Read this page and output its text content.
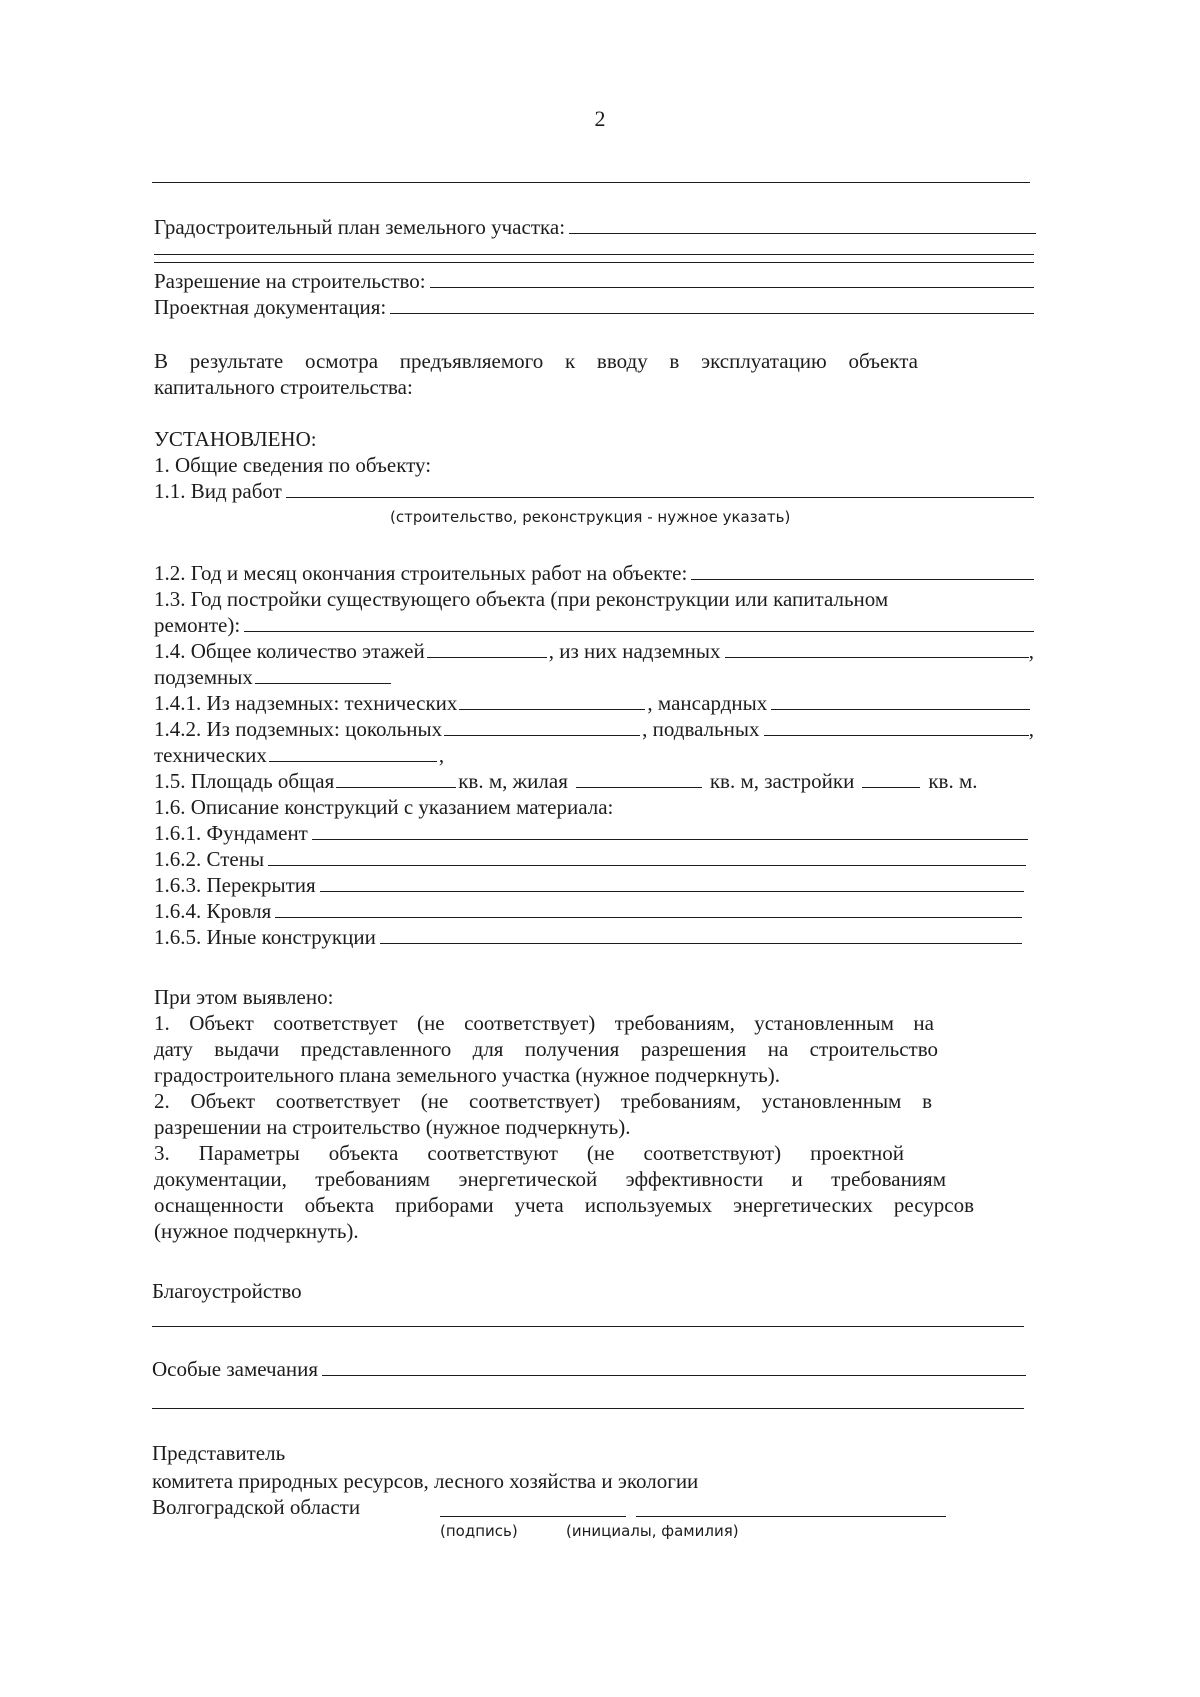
2
Градостроительный план земельного участка:
Разрешение на строительство:
Проектная документация:
В результате осмотра предъявляемого к вводу в эксплуатацию объекта
капитального строительства:
УСТАНОВЛЕНО:
1. Общие сведения по объекту:
1.1. Вид работ
(строительство, реконструкция - нужное указать)
1.2. Год и месяц окончания строительных работ на объекте:
1.3. Год постройки существующего объекта (при реконструкции или капитальном
ремонте):
1.4. Общее количество этажей	, из них надземных	,
подземных
1.4.1. Из надземных: технических	, мансардных
1.4.2. Из подземных: цокольных	, подвальных	,
технических	,
1.5. Площадь общая	кв. м, жилая	кв. м, застройки	кв. м.
1.6. Описание конструкций с указанием материала:
1.6.1. Фундамент
1.6.2. Стены
1.6.3. Перекрытия
1.6.4. Кровля
1.6.5. Иные конструкции
При этом выявлено:
1. Объект соответствует (не соответствует) требованиям, установленным на
дату выдачи представленного для получения разрешения на строительство
градостроительного плана земельного участка (нужное подчеркнуть).
2. Объект соответствует (не соответствует) требованиям, установленным в
разрешении на строительство (нужное подчеркнуть).
3. Параметры объекта соответствуют (не соответствуют) проектной
документации, требованиям энергетической эффективности и требованиям
оснащенности объекта приборами учета используемых энергетических ресурсов
(нужное подчеркнуть).
Благоустройство
Особые замечания
Представитель
комитета природных ресурсов, лесного хозяйства и экологии
Волгоградской области
(подпись)	(инициалы, фамилия)
